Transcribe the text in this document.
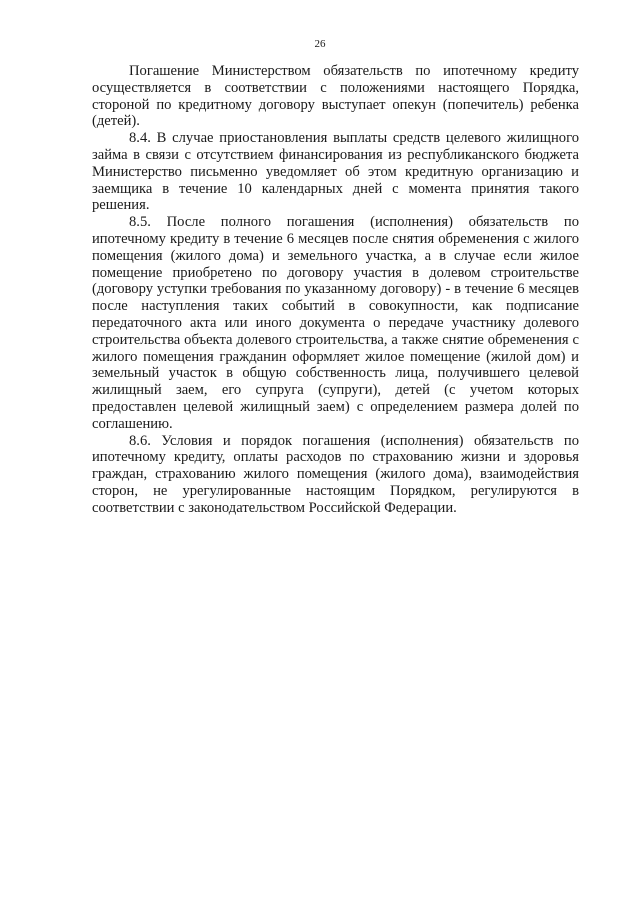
26

Погашение Министерством обязательств по ипотечному кредиту осуществляется в соответствии с положениями настоящего Порядка, стороной по кредитному договору выступает опекун (попечитель) ребенка (детей).

8.4. В случае приостановления выплаты средств целевого жилищного займа в связи с отсутствием финансирования из республиканского бюджета Министерство письменно уведомляет об этом кредитную организацию и заемщика в течение 10 календарных дней с момента принятия такого решения.

8.5. После полного погашения (исполнения) обязательств по ипотечному кредиту в течение 6 месяцев после снятия обременения с жилого помещения (жилого дома) и земельного участка, а в случае если жилое помещение приобретено по договору участия в долевом строительстве (договору уступки требования по указанному договору) - в течение 6 месяцев после наступления таких событий в совокупности, как подписание передаточного акта или иного документа о передаче участнику долевого строительства объекта долевого строительства, а также снятие обременения с жилого помещения гражданин оформляет жилое помещение (жилой дом) и земельный участок в общую собственность лица, получившего целевой жилищный заем, его супруга (супруги), детей (с учетом которых предоставлен целевой жилищный заем) с определением размера долей по соглашению.

8.6. Условия и порядок погашения (исполнения) обязательств по ипотечному кредиту, оплаты расходов по страхованию жизни и здоровья граждан, страхованию жилого помещения (жилого дома), взаимодействия сторон, не урегулированные настоящим Порядком, регулируются в соответствии с законодательством Российской Федерации.
